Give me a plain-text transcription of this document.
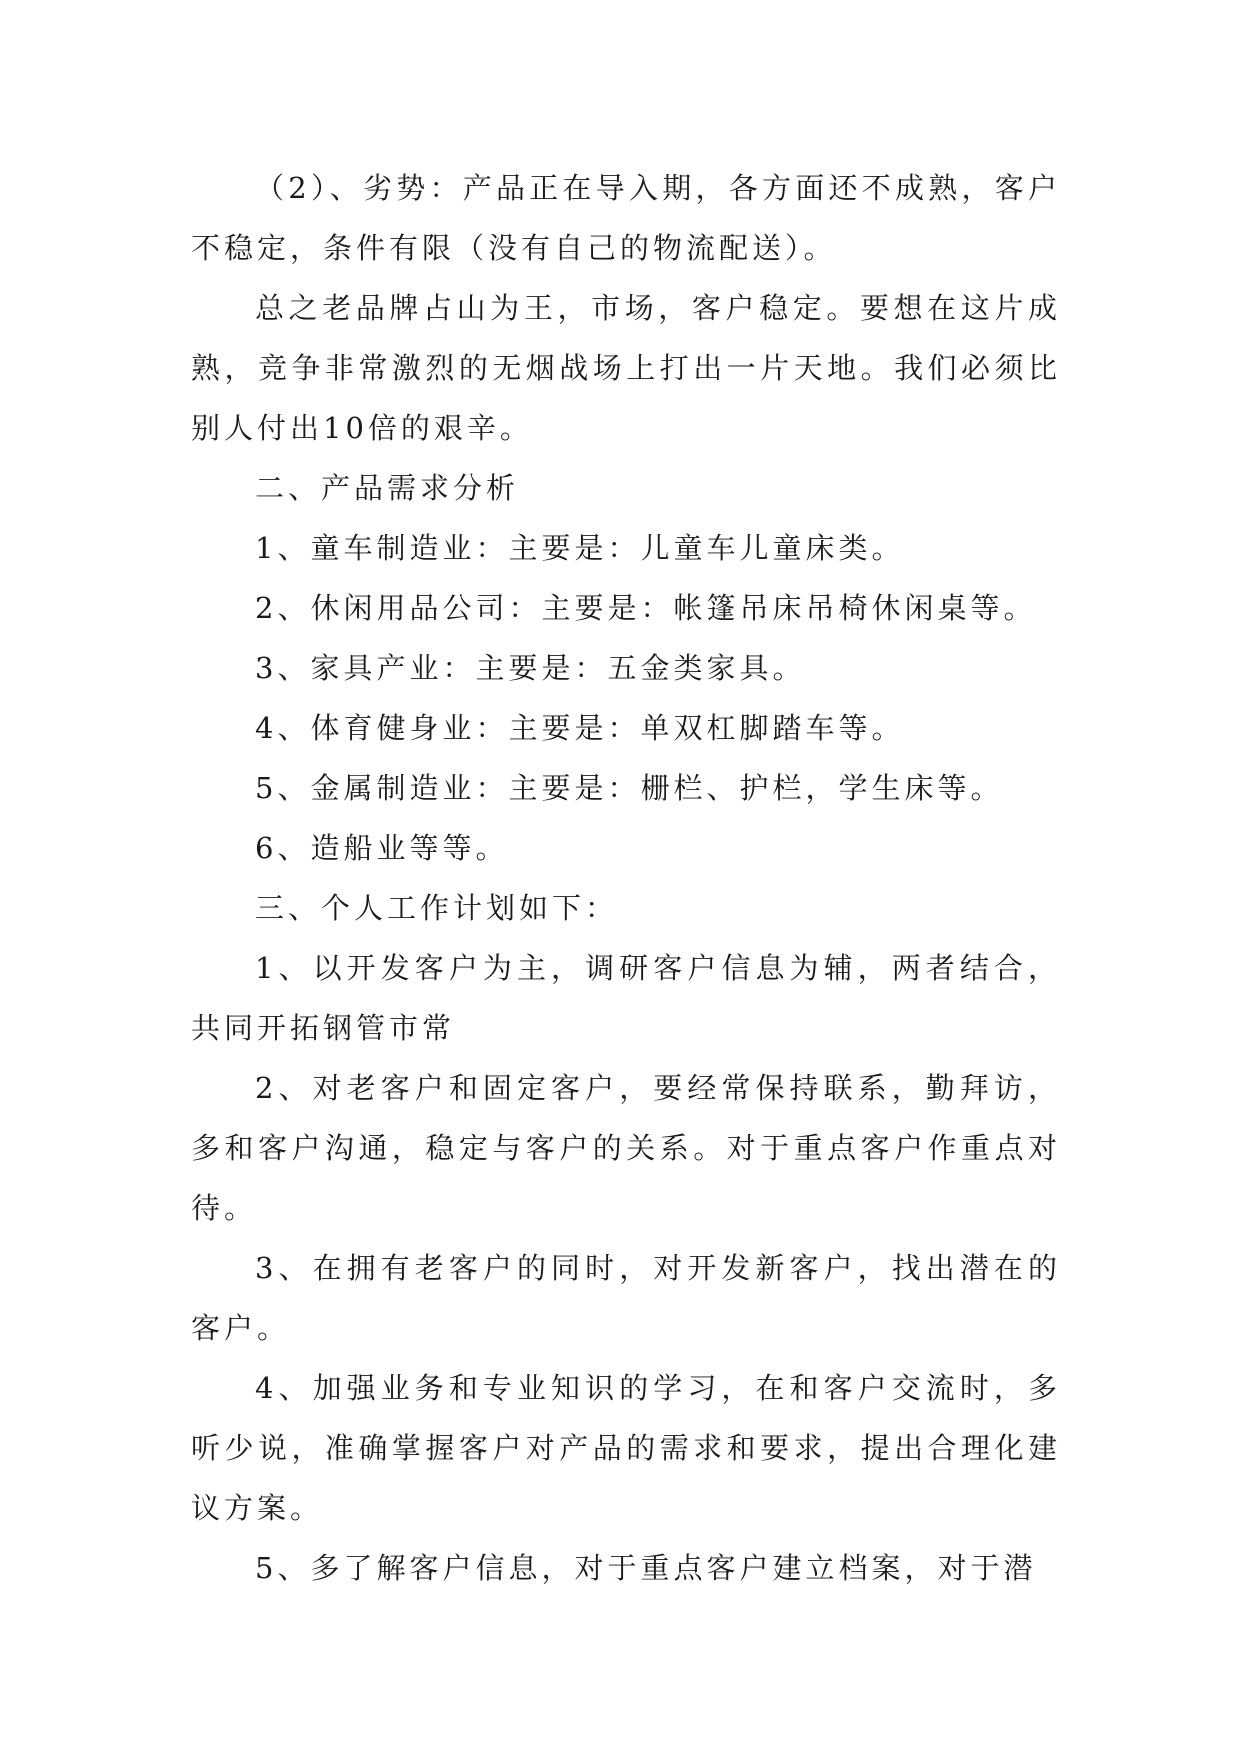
（2）、劣势：产品正在导入期，各方面还不成熟，客户不稳定，条件有限（没有自己的物流配送）。

总之老品牌占山为王，市场，客户稳定。要想在这片成熟，竞争非常激烈的无烟战场上打出一片天地。我们必须比别人付出10倍的艰辛。

二、产品需求分析

1、童车制造业：主要是：儿童车儿童床类。

2、休闲用品公司：主要是：帐篷吊床吊椅休闲桌等。

3、家具产业：主要是：五金类家具。

4、体育健身业：主要是：单双杠脚踏车等。

5、金属制造业：主要是：栅栏、护栏，学生床等。

6、造船业等等。

三、个人工作计划如下：

1、以开发客户为主，调研客户信息为辅，两者结合，共同开拓钢管市常

2、对老客户和固定客户，要经常保持联系，勤拜访，多和客户沟通，稳定与客户的关系。对于重点客户作重点对待。

3、在拥有老客户的同时，对开发新客户，找出潜在的客户。

4、加强业务和专业知识的学习，在和客户交流时，多听少说，准确掌握客户对产品的需求和要求，提出合理化建议方案。

5、多了解客户信息，对于重点客户建立档案，对于潜
